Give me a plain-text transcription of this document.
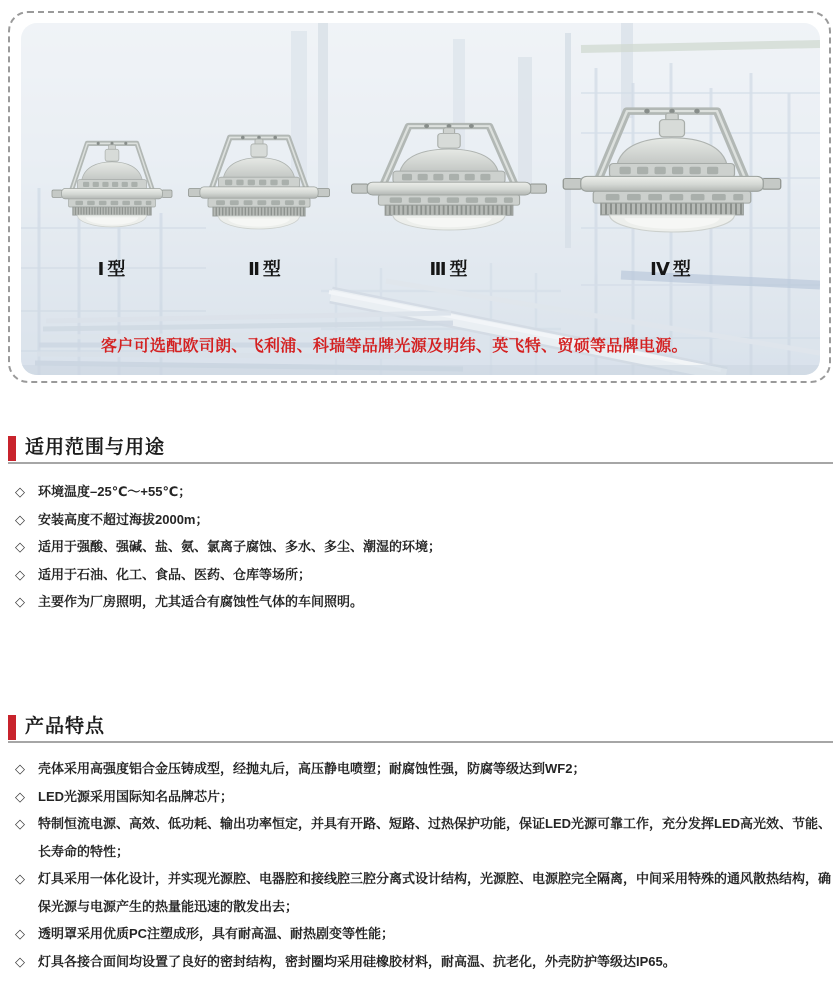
Ⅰ型	Ⅱ型	Ⅲ型	Ⅳ型
客户可选配欧司朗、飞利浦、科瑞等品牌光源及明纬、英飞特、贸硕等品牌电源。
适用范围与用途
◇ 环境温度–25℃～+55℃；
◇ 安装高度不超过海拔2000m；
◇ 适用于强酸、强碱、盐、氨、氯离子腐蚀、多水、多尘、潮湿的环境；
◇ 适用于石油、化工、食品、医药、仓库等场所；
◇ 主要作为厂房照明，尤其适合有腐蚀性气体的车间照明。
产品特点
◇ 壳体采用高强度铝合金压铸成型，经抛丸后，高压静电喷塑；耐腐蚀性强，防腐等级达到WF2；
◇ LED光源采用国际知名品牌芯片；
◇ 特制恒流电源、高效、低功耗、输出功率恒定，并具有开路、短路、过热保护功能，保证LED光源可靠工作，充分发挥LED高光效、节能、长寿命的特性；
◇ 灯具采用一体化设计，并实现光源腔、电器腔和接线腔三腔分离式设计结构，光源腔、电源腔完全隔离，中间采用特殊的通风散热结构，确保光源与电源产生的热量能迅速的散发出去；
◇ 透明罩采用优质PC注塑成形，具有耐高温、耐热剧变等性能；
◇ 灯具各接合面间均设置了良好的密封结构，密封圈均采用硅橡胶材料，耐高温、抗老化，外壳防护等级达IP65。
